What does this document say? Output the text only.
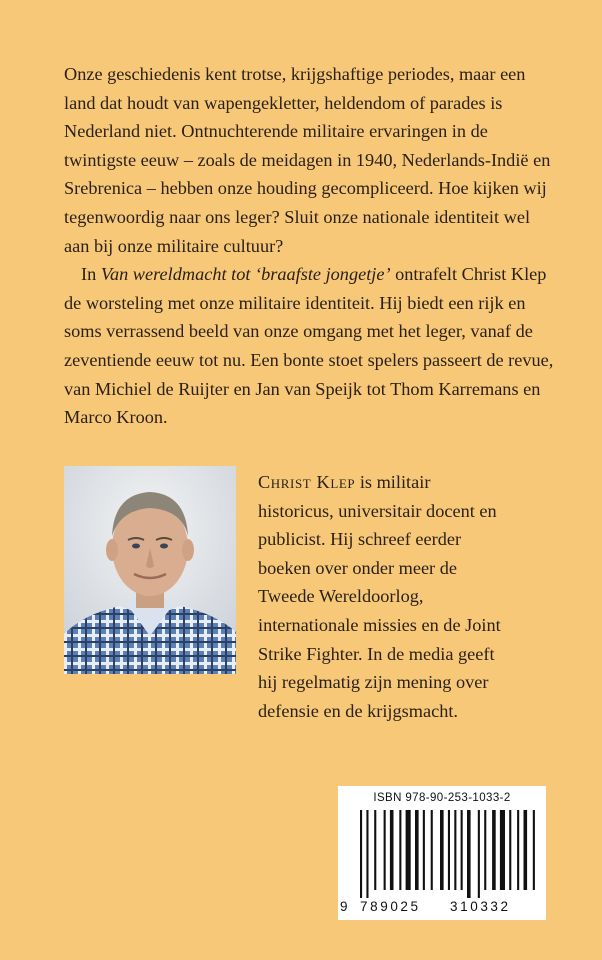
Onze geschiedenis kent trotse, krijgshaftige periodes, maar een land dat houdt van wapengekletter, heldendom of parades is Nederland niet. Ontnuchterende militaire ervaringen in de twintigste eeuw – zoals de meidagen in 1940, Nederlands-Indië en Srebrenica – hebben onze houding gecompliceerd. Hoe kijken wij tegenwoordig naar ons leger? Sluit onze nationale identiteit wel aan bij onze militaire cultuur?

In Van wereldmacht tot ‘braafste jongetje’ ontrafelt Christ Klep de worsteling met onze militaire identiteit. Hij biedt een rijk en soms verrassend beeld van onze omgang met het leger, vanaf de zeventiende eeuw tot nu. Een bonte stoet spelers passeert de revue, van Michiel de Ruijter en Jan van Speijk tot Thom Karremans en Marco Kroon.

Christ Klep is militair historicus, universitair docent en publicist. Hij schreef eerder boeken over onder meer de Tweede Wereldoorlog, internationale missies en de Joint Strike Fighter. In de media geeft hij regelmatig zijn mening over defensie en de krijgsmacht.
ISBN 978-90-253-1033-2
9 789025 310332
